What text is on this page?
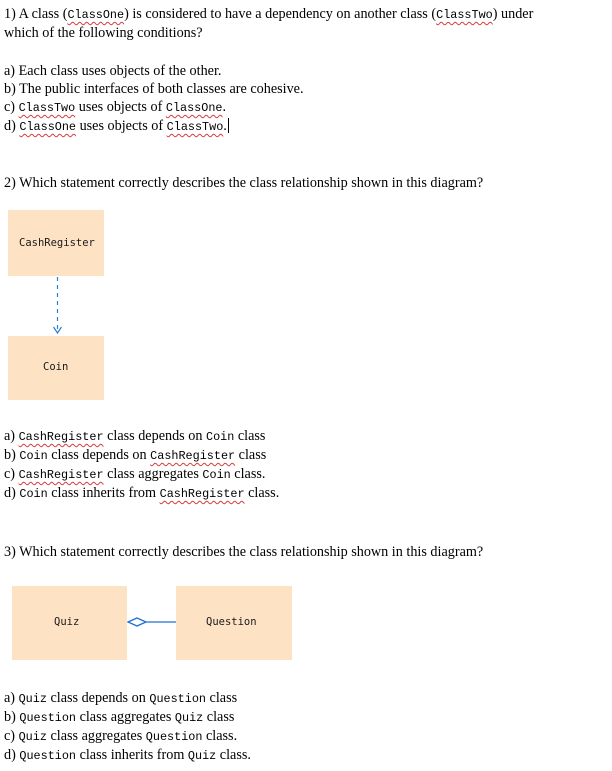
1) A class (ClassOne) is considered to have a dependency on another class (ClassTwo) under
which of the following conditions?
a) Each class uses objects of the other.
b) The public interfaces of both classes are cohesive.
c) ClassTwo uses objects of ClassOne.
d) ClassOne uses objects of ClassTwo.
2) Which statement correctly describes the class relationship shown in this diagram?
CashRegister
Coin
a) CashRegister class depends on Coin class
b) Coin class depends on CashRegister class
c) CashRegister class aggregates Coin class.
d) Coin class inherits from CashRegister class.
3) Which statement correctly describes the class relationship shown in this diagram?
Quiz	Question
a) Quiz class depends on Question class
b) Question class aggregates Quiz class
c) Quiz class aggregates Question class.
d) Question class inherits from Quiz class.
